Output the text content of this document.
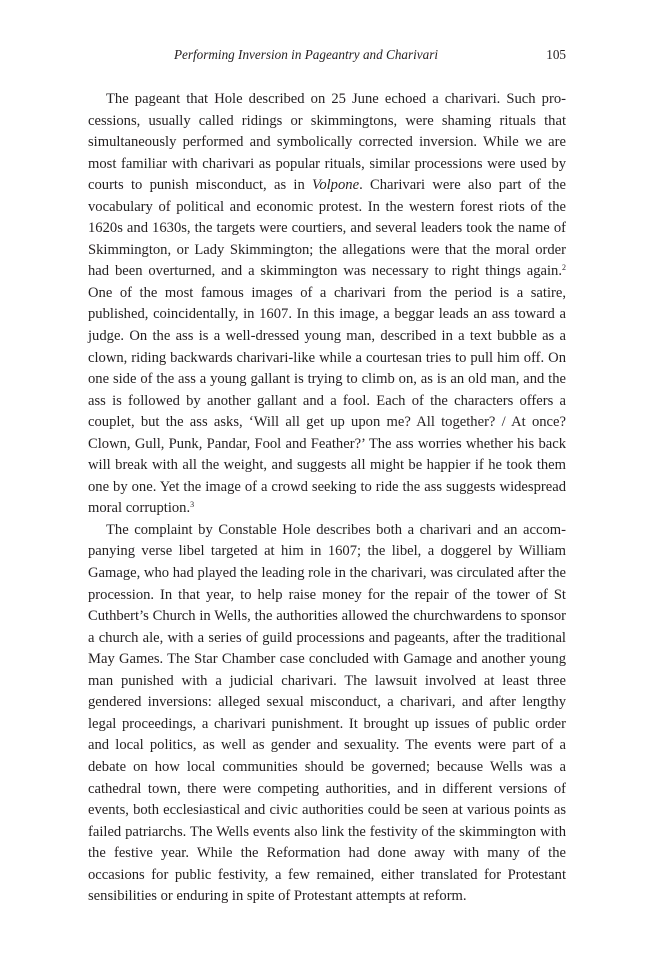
Performing Inversion in Pageantry and Charivari	105

The pageant that Hole described on 25 June echoed a charivari. Such processions, usually called ridings or skimmingtons, were shaming rituals that simultaneously performed and symbolically corrected inversion. While we are most familiar with charivari as popular rituals, similar processions were used by courts to punish misconduct, as in Volpone. Charivari were also part of the vocabulary of political and economic protest. In the western forest riots of the 1620s and 1630s, the targets were courtiers, and several leaders took the name of Skimmington, or Lady Skimmington; the allegations were that the moral order had been overturned, and a skimmington was necessary to right things again.$^2$ One of the most famous images of a charivari from the period is a satire, published, coincidentally, in 1607. In this image, a beggar leads an ass toward a judge. On the ass is a well-dressed young man, described in a text bubble as a clown, riding backwards charivari-like while a courtesan tries to pull him off. On one side of the ass a young gallant is trying to climb on, as is an old man, and the ass is followed by another gallant and a fool. Each of the characters offers a couplet, but the ass asks, ‘Will all get up upon me? All together? / At once? Clown, Gull, Punk, Pandar, Fool and Feather?’ The ass worries whether his back will break with all the weight, and suggests all might be happier if he took them one by one. Yet the image of a crowd seeking to ride the ass suggests widespread moral corruption.$^3$

The complaint by Constable Hole describes both a charivari and an accompanying verse libel targeted at him in 1607; the libel, a doggerel by William Gamage, who had played the leading role in the charivari, was circulated after the procession. In that year, to help raise money for the repair of the tower of St Cuthbert’s Church in Wells, the authorities allowed the churchwardens to sponsor a church ale, with a series of guild processions and pageants, after the traditional May Games. The Star Chamber case concluded with Gamage and another young man punished with a judicial charivari. The lawsuit involved at least three gendered inversions: alleged sexual misconduct, a charivari, and after lengthy legal proceedings, a charivari punishment. It brought up issues of public order and local politics, as well as gender and sexuality. The events were part of a debate on how local communities should be governed; because Wells was a cathedral town, there were competing authorities, and in different versions of events, both ecclesiastical and civic authorities could be seen at various points as failed patriarchs. The Wells events also link the festivity of the skimmington with the festive year. While the Reformation had done away with many of the occasions for public festivity, a few remained, either translated for Protestant sensibilities or enduring in spite of Protestant attempts at reform.
